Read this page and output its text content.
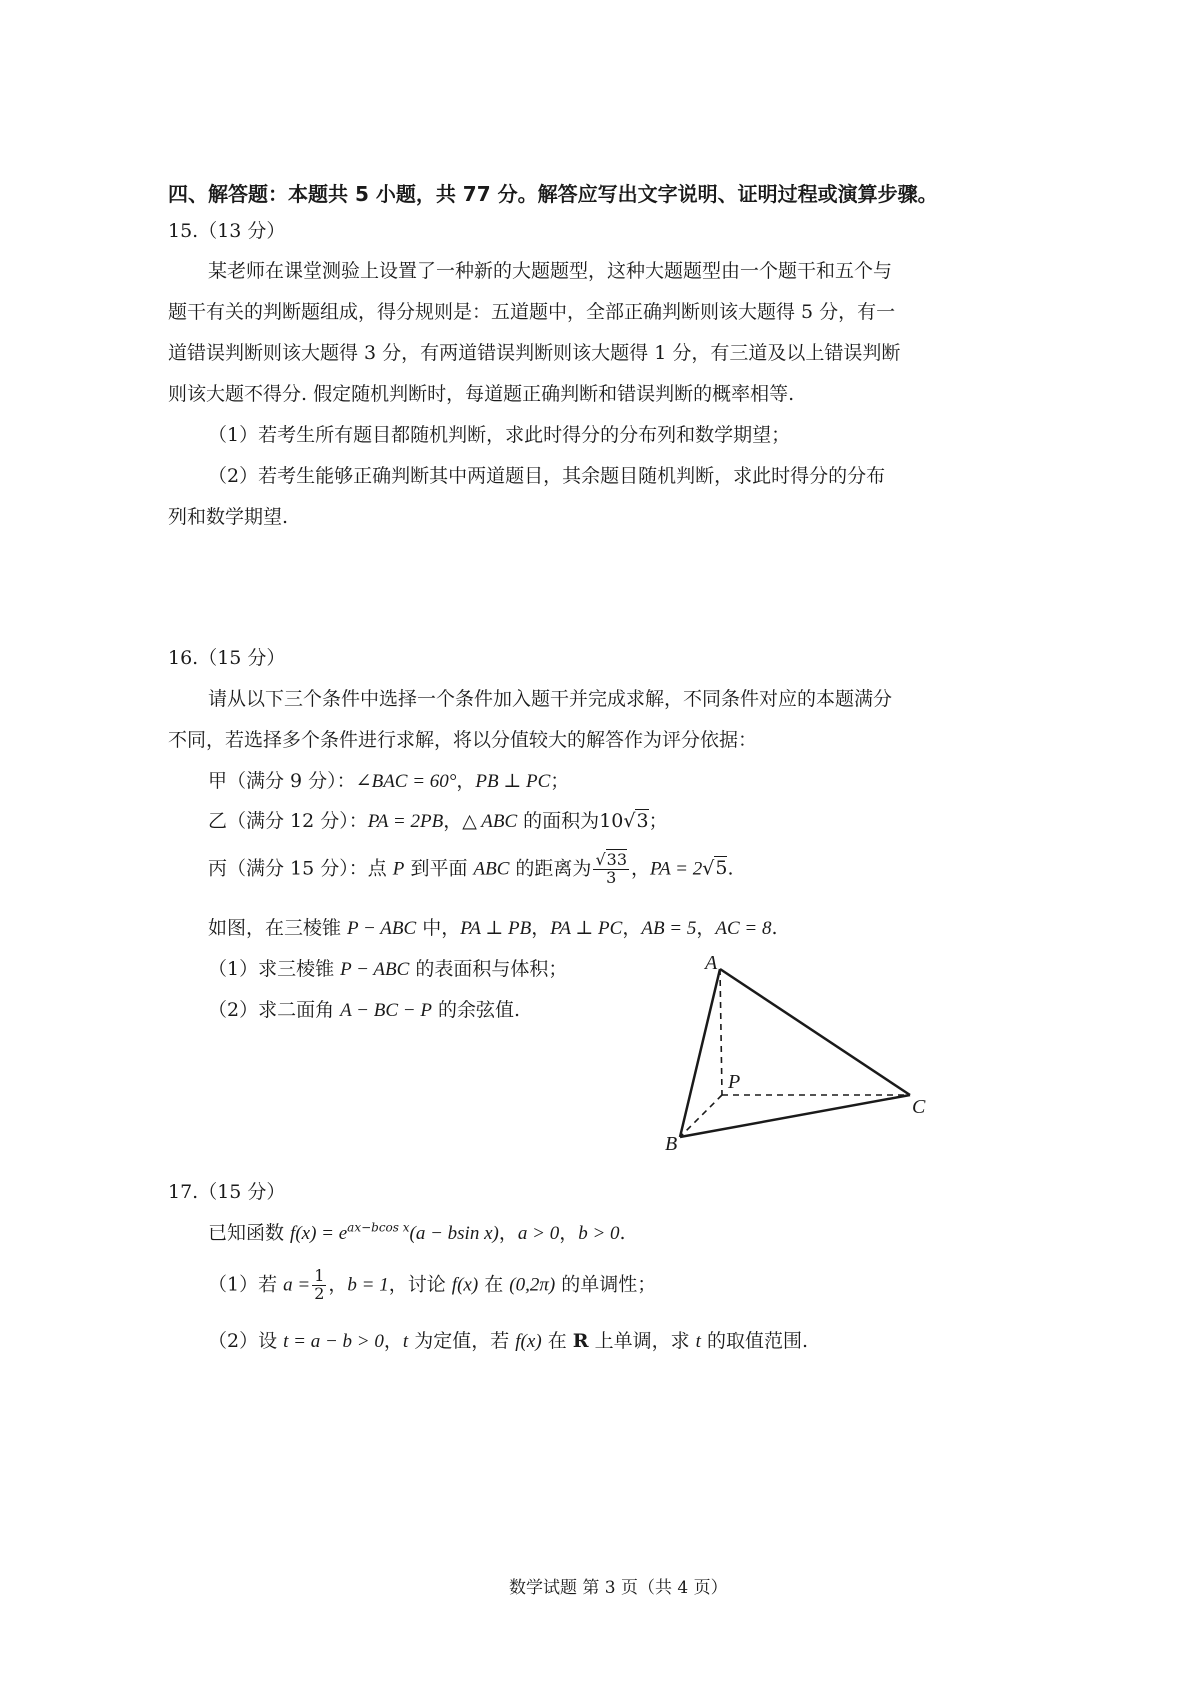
四、解答题：本题共 5 小题，共 77 分。解答应写出文字说明、证明过程或演算步骤。
15.（13 分）
某老师在课堂测验上设置了一种新的大题题型，这种大题题型由一个题干和五个与
题干有关的判断题组成，得分规则是：五道题中，全部正确判断则该大题得 5 分，有一
道错误判断则该大题得 3 分，有两道错误判断则该大题得 1 分，有三道及以上错误判断
则该大题不得分. 假定随机判断时，每道题正确判断和错误判断的概率相等.
（1）若考生所有题目都随机判断，求此时得分的分布列和数学期望；
（2）若考生能够正确判断其中两道题目，其余题目随机判断，求此时得分的分布
列和数学期望.
16.（15 分）
请从以下三个条件中选择一个条件加入题干并完成求解，不同条件对应的本题满分
不同，若选择多个条件进行求解，将以分值较大的解答作为评分依据：
甲（满分 9 分）：∠BAC = 60°，PB ⊥ PC；
乙（满分 12 分）：PA = 2PB，△ ABC 的面积为10√3；
丙（满分 15 分）：点 P 到平面 ABC 的距离为 $\frac{√33}{3}$ ，PA = 2√5.
如图，在三棱锥 P − ABC 中，PA ⊥ PB，PA ⊥ PC，AB = 5，AC = 8.
（1）求三棱锥 P − ABC 的表面积与体积；
（2）求二面角 A − BC − P 的余弦值.
A
B
C
P
17.（15 分）
已知函数 $f(x) = e^{ax-bcos x}(a - bsin$ x)，a > 0，b > 0.
（1）若 $a = \frac{1}{2}$ ，b = 1，讨论 f(x) 在 (0,2π) 的单调性；
（2）设 t = a − b > 0，t 为定值，若 f(x) 在 R 上单调，求 t 的取值范围.
数学试题 第 3 页（共 4 页）
